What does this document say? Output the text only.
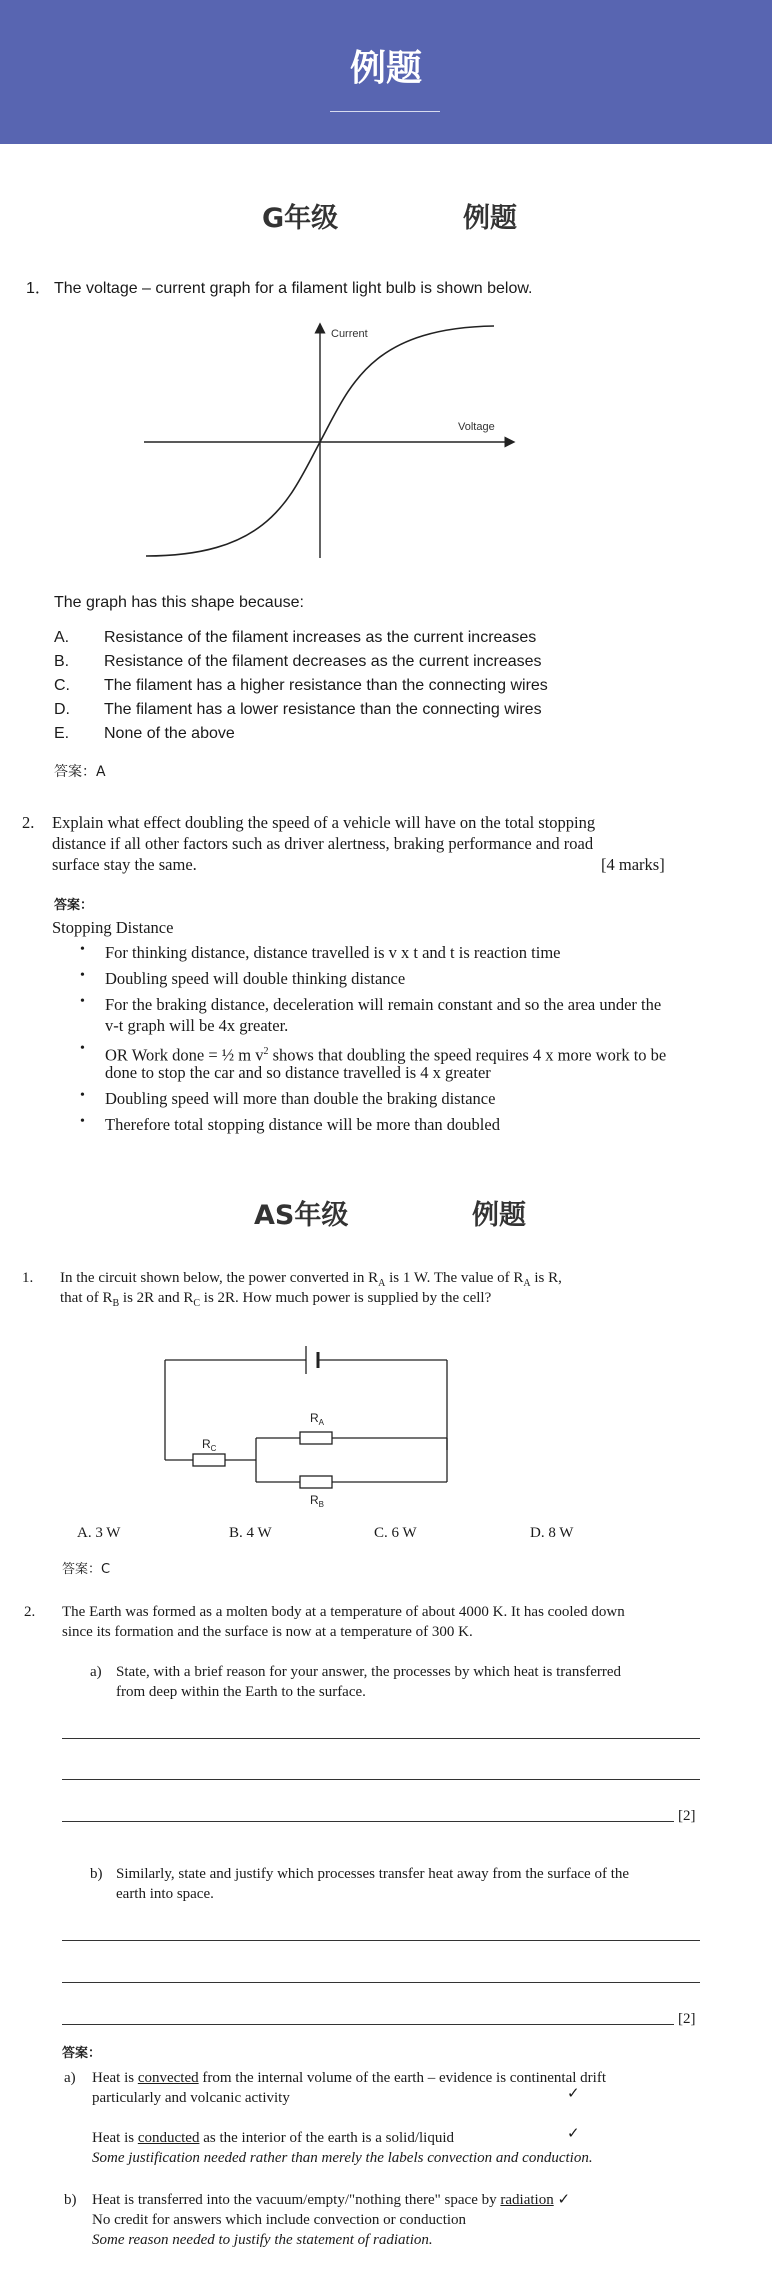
例题
G年级	例题
1． The voltage – current graph for a filament light bulb is shown below.
Current
Voltage
The graph has this shape because:
A. Resistance of the filament increases as the current increases
B. Resistance of the filament decreases as the current increases
C. The filament has a higher resistance than the connecting wires
D. The filament has a lower resistance than the connecting wires
E. None of the above
答案：A
2. Explain what effect doubling the speed of a vehicle will have on the total stopping
distance if all other factors such as driver alertness, braking performance and road
surface stay the same.	[4 marks]
答案：
Stopping Distance
• For thinking distance, distance travelled is v x t and t is reaction time
• Doubling speed will double thinking distance
• For the braking distance, deceleration will remain constant and so the area under the
v-t graph will be 4x greater.
• OR Work done = ½ m $v^2$ shows that doubling the speed requires 4 x more work to be
done to stop the car and so distance travelled is 4 x greater
• Doubling speed will more than double the braking distance
• Therefore total stopping distance will be more than doubled
AS年级	例题
1. In the circuit shown below, the power converted in $R_A$ is 1 W. The value of $R_A$ is R,
that of $R_B$ is 2R and $R_C$ is 2R. How much power is supplied by the cell?
$R_A$
$R_B$
$R_C$
A. 3 W	B. 4 W	C. 6 W	D. 8 W
答案：C
2. The Earth was formed as a molten body at a temperature of about 4000 K. It has cooled down
since its formation and the surface is now at a temperature of 300 K.
a) State, with a brief reason for your answer, the processes by which heat is transferred
from deep within the Earth to the surface.
[2]
b) Similarly, state and justify which processes transfer heat away from the surface of the
earth into space.
[2]
答案：
a) Heat is convected from the internal volume of the earth – evidence is continental drift
particularly and volcanic activity	✓
Heat is conducted as the interior of the earth is a solid/liquid	✓
Some justification needed rather than merely the labels convection and conduction.
b) Heat is transferred into the vacuum/empty/"nothing there" space by radiation ✓
No credit for answers which include convection or conduction
Some reason needed to justify the statement of radiation.
